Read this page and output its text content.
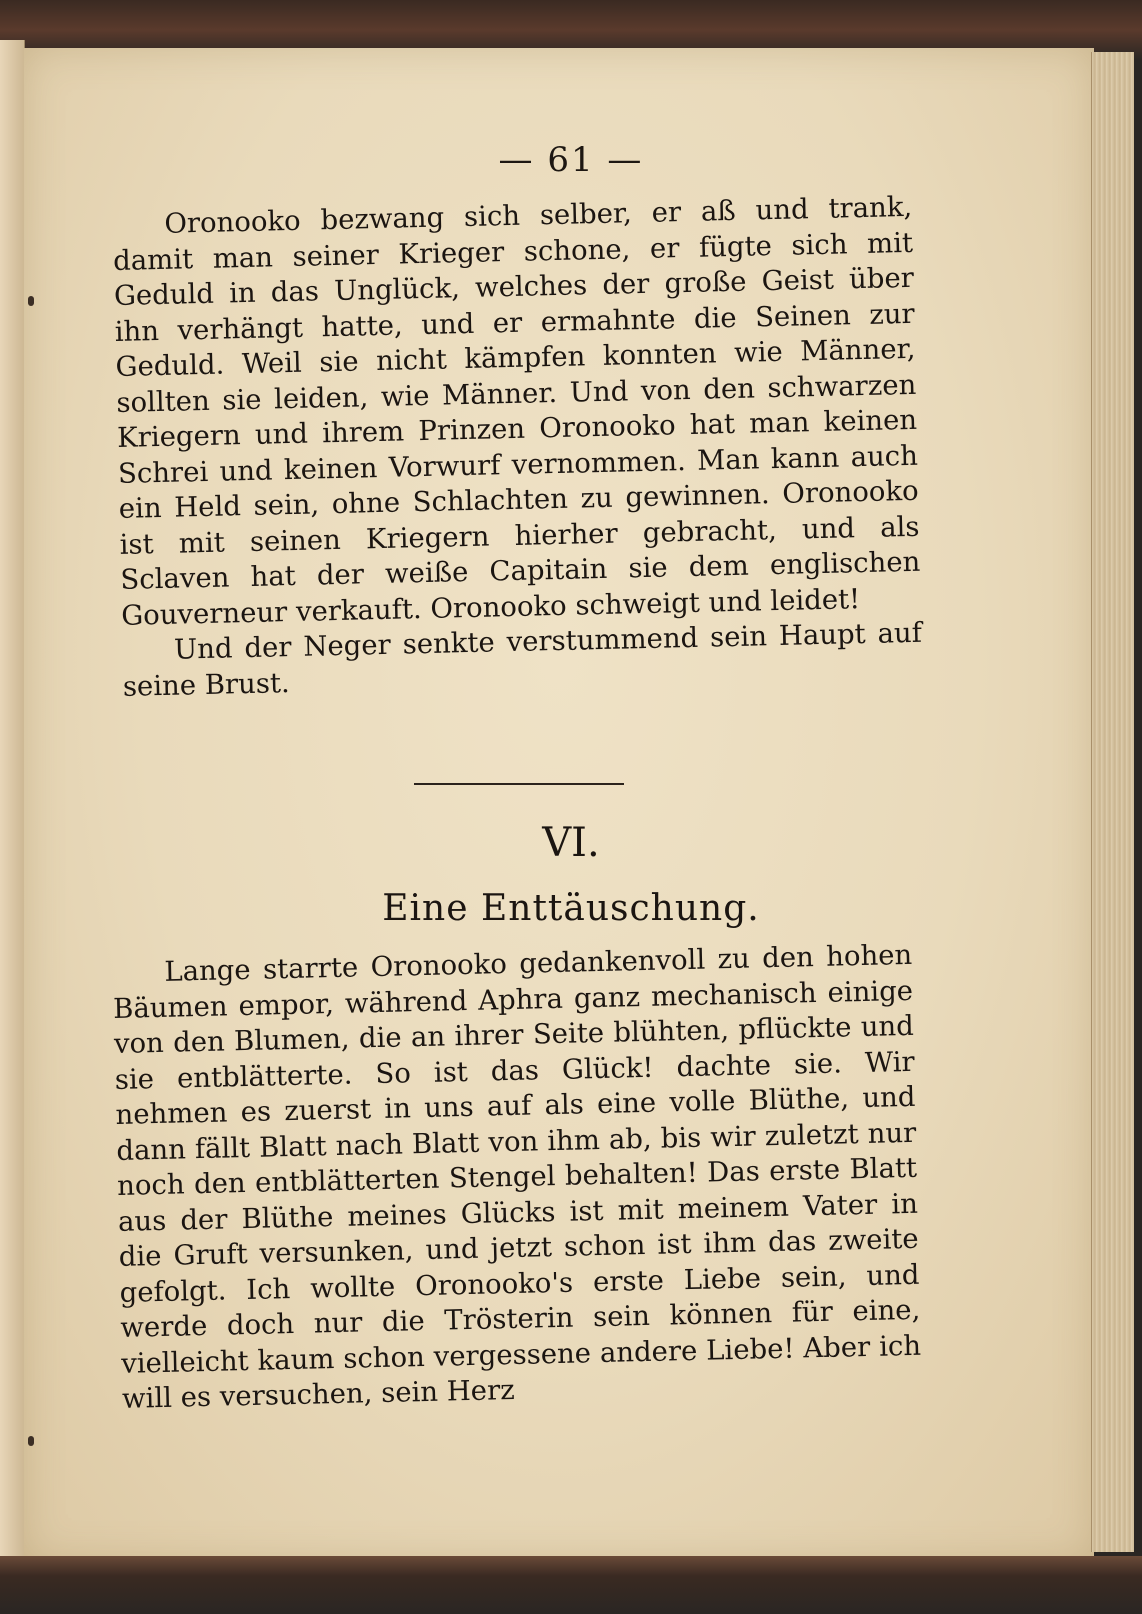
— 61 —

Oronooko bezwang sich selber, er aß und trank, damit man seiner Krieger schone, er fügte sich mit Geduld in das Unglück, welches der große Geist über ihn verhängt hatte, und er ermahnte die Seinen zur Geduld. Weil sie nicht kämpfen konnten wie Männer, sollten sie leiden, wie Männer. Und von den schwarzen Kriegern und ihrem Prinzen Oronooko hat man keinen Schrei und keinen Vorwurf vernommen. Man kann auch ein Held sein, ohne Schlachten zu gewinnen. Oronooko ist mit seinen Kriegern hierher gebracht, und als Sclaven hat der weiße Capitain sie dem englischen Gouverneur verkauft. Oronooko schweigt und leidet!

Und der Neger senkte verstummend sein Haupt auf seine Brust.

VI.
Eine Enttäuschung.

Lange starrte Oronooko gedankenvoll zu den hohen Bäumen empor, während Aphra ganz mechanisch einige von den Blumen, die an ihrer Seite blühten, pflückte und sie entblätterte. So ist das Glück! dachte sie. Wir nehmen es zuerst in uns auf als eine volle Blüthe, und dann fällt Blatt nach Blatt von ihm ab, bis wir zuletzt nur noch den entblätterten Stengel behalten! Das erste Blatt aus der Blüthe meines Glücks ist mit meinem Vater in die Gruft versunken, und jetzt schon ist ihm das zweite gefolgt. Ich wollte Oronooko's erste Liebe sein, und werde doch nur die Trösterin sein können für eine, vielleicht kaum schon vergessene andere Liebe! Aber ich will es versuchen, sein Herz
